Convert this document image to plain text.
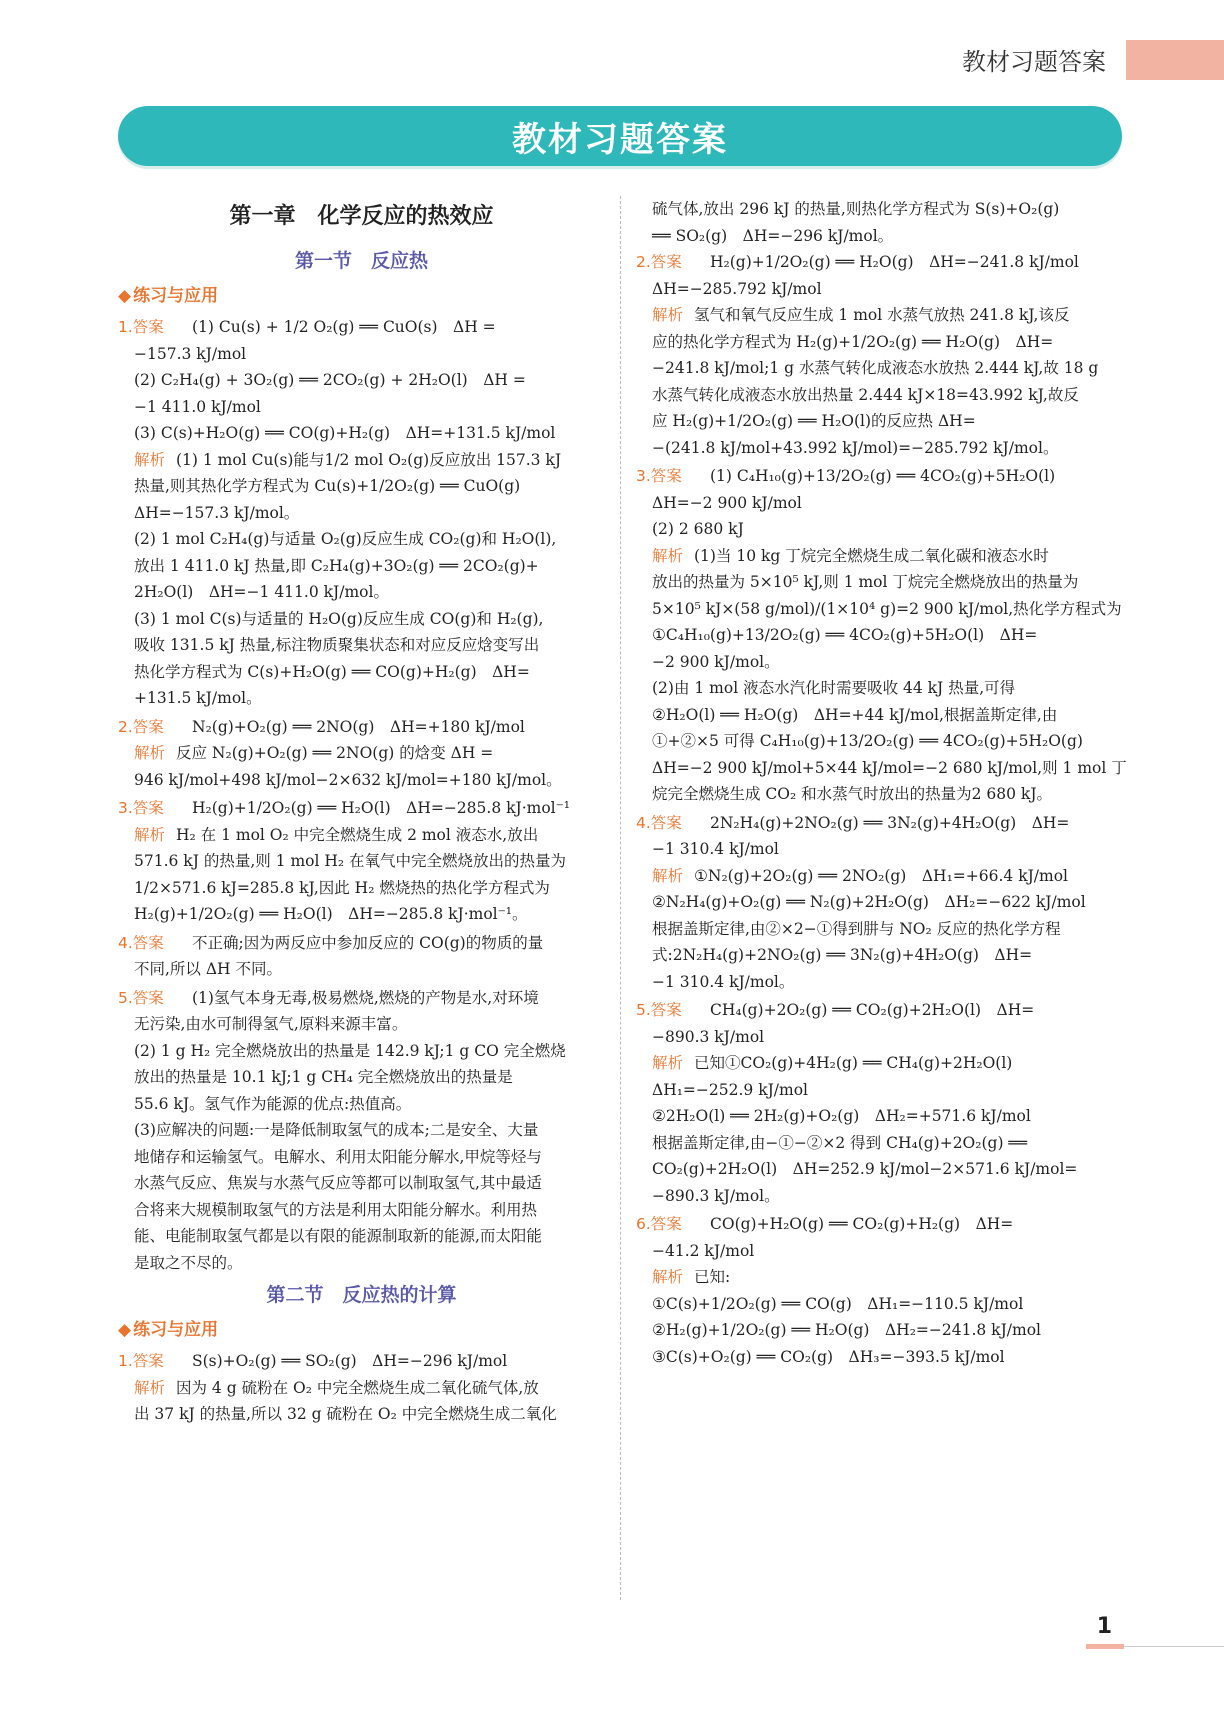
教材习题答案
教材习题答案
第一章　化学反应的热效应
第一节　反应热
◆ 练习与应用
1.答案	(1) Cu(s) + 1/2 O₂(g) ══ CuO(s)　ΔH =
−157.3 kJ/mol
(2) C₂H₄(g) + 3O₂(g) ══ 2CO₂(g) + 2H₂O(l)　ΔH =
−1 411.0 kJ/mol
(3) C(s)+H₂O(g) ══ CO(g)+H₂(g)　ΔH=+131.5 kJ/mol
解析 (1) 1 mol Cu(s)能与1/2 mol O₂(g)反应放出 157.3 kJ
热量,则其热化学方程式为 Cu(s)+1/2O₂(g) ══ CuO(g)
ΔH=−157.3 kJ/mol。
(2) 1 mol C₂H₄(g)与适量 O₂(g)反应生成 CO₂(g)和 H₂O(l),
放出 1 411.0 kJ 热量,即 C₂H₄(g)+3O₂(g) ══ 2CO₂(g)+
2H₂O(l)　ΔH=−1 411.0 kJ/mol。
(3) 1 mol C(s)与适量的 H₂O(g)反应生成 CO(g)和 H₂(g),
吸收 131.5 kJ 热量,标注物质聚集状态和对应反应焓变写出
热化学方程式为 C(s)+H₂O(g) ══ CO(g)+H₂(g)　ΔH=
+131.5 kJ/mol。
2.答案	N₂(g)+O₂(g) ══ 2NO(g)　ΔH=+180 kJ/mol
解析 反应 N₂(g)+O₂(g) ══ 2NO(g) 的焓变 ΔH =
946 kJ/mol+498 kJ/mol−2×632 kJ/mol=+180 kJ/mol。
3.答案	H₂(g)+1/2O₂(g) ══ H₂O(l)　ΔH=−285.8 kJ·mol⁻¹
解析 H₂ 在 1 mol O₂ 中完全燃烧生成 2 mol 液态水,放出
571.6 kJ 的热量,则 1 mol H₂ 在氧气中完全燃烧放出的热量为
1/2×571.6 kJ=285.8 kJ,因此 H₂ 燃烧热的热化学方程式为
H₂(g)+1/2O₂(g) ══ H₂O(l)　ΔH=−285.8 kJ·mol⁻¹。
4.答案	不正确;因为两反应中参加反应的 CO(g)的物质的量
不同,所以 ΔH 不同。
5.答案	(1)氢气本身无毒,极易燃烧,燃烧的产物是水,对环境
无污染,由水可制得氢气,原料来源丰富。
(2) 1 g H₂ 完全燃烧放出的热量是 142.9 kJ;1 g CO 完全燃烧
放出的热量是 10.1 kJ;1 g CH₄ 完全燃烧放出的热量是
55.6 kJ。氢气作为能源的优点:热值高。
(3)应解决的问题:一是降低制取氢气的成本;二是安全、大量
地储存和运输氢气。电解水、利用太阳能分解水,甲烷等烃与
水蒸气反应、焦炭与水蒸气反应等都可以制取氢气,其中最适
合将来大规模制取氢气的方法是利用太阳能分解水。利用热
能、电能制取氢气都是以有限的能源制取新的能源,而太阳能
是取之不尽的。
第二节　反应热的计算
◆ 练习与应用
1.答案	S(s)+O₂(g) ══ SO₂(g)　ΔH=−296 kJ/mol
解析 因为 4 g 硫粉在 O₂ 中完全燃烧生成二氧化硫气体,放
出 37 kJ 的热量,所以 32 g 硫粉在 O₂ 中完全燃烧生成二氧化
硫气体,放出 296 kJ 的热量,则热化学方程式为 S(s)+O₂(g)
══ SO₂(g)　ΔH=−296 kJ/mol。
2.答案	H₂(g)+1/2O₂(g) ══ H₂O(g)　ΔH=−241.8 kJ/mol
ΔH=−285.792 kJ/mol
解析 氢气和氧气反应生成 1 mol 水蒸气放热 241.8 kJ,该反
应的热化学方程式为 H₂(g)+1/2O₂(g) ══ H₂O(g)　ΔH=
−241.8 kJ/mol;1 g 水蒸气转化成液态水放热 2.444 kJ,故 18 g
水蒸气转化成液态水放出热量 2.444 kJ×18=43.992 kJ,故反
应 H₂(g)+1/2O₂(g) ══ H₂O(l)的反应热 ΔH=
−(241.8 kJ/mol+43.992 kJ/mol)=−285.792 kJ/mol。
3.答案	(1) C₄H₁₀(g)+13/2O₂(g) ══ 4CO₂(g)+5H₂O(l)
ΔH=−2 900 kJ/mol
(2) 2 680 kJ
解析 (1)当 10 kg 丁烷完全燃烧生成二氧化碳和液态水时
放出的热量为 5×10⁵ kJ,则 1 mol 丁烷完全燃烧放出的热量为
5×10⁵ kJ×(58 g/mol)/(1×10⁴ g)=2 900 kJ/mol,热化学方程式为
①C₄H₁₀(g)+13/2O₂(g) ══ 4CO₂(g)+5H₂O(l)　ΔH=
−2 900 kJ/mol。
(2)由 1 mol 液态水汽化时需要吸收 44 kJ 热量,可得
②H₂O(l) ══ H₂O(g)　ΔH=+44 kJ/mol,根据盖斯定律,由
①+②×5 可得 C₄H₁₀(g)+13/2O₂(g) ══ 4CO₂(g)+5H₂O(g)
ΔH=−2 900 kJ/mol+5×44 kJ/mol=−2 680 kJ/mol,则 1 mol 丁
烷完全燃烧生成 CO₂ 和水蒸气时放出的热量为2 680 kJ。
4.答案	2N₂H₄(g)+2NO₂(g) ══ 3N₂(g)+4H₂O(g)　ΔH=
−1 310.4 kJ/mol
解析 ①N₂(g)+2O₂(g) ══ 2NO₂(g)　ΔH₁=+66.4 kJ/mol
②N₂H₄(g)+O₂(g) ══ N₂(g)+2H₂O(g)　ΔH₂=−622 kJ/mol
根据盖斯定律,由②×2−①得到肼与 NO₂ 反应的热化学方程
式:2N₂H₄(g)+2NO₂(g) ══ 3N₂(g)+4H₂O(g)　ΔH=
−1 310.4 kJ/mol。
5.答案	CH₄(g)+2O₂(g) ══ CO₂(g)+2H₂O(l)　ΔH=
−890.3 kJ/mol
解析 已知①CO₂(g)+4H₂(g) ══ CH₄(g)+2H₂O(l)
ΔH₁=−252.9 kJ/mol
②2H₂O(l) ══ 2H₂(g)+O₂(g)　ΔH₂=+571.6 kJ/mol
根据盖斯定律,由−①−②×2 得到 CH₄(g)+2O₂(g) ══
CO₂(g)+2H₂O(l)　ΔH=252.9 kJ/mol−2×571.6 kJ/mol=
−890.3 kJ/mol。
6.答案	CO(g)+H₂O(g) ══ CO₂(g)+H₂(g)　ΔH=
−41.2 kJ/mol
解析 已知:
①C(s)+1/2O₂(g) ══ CO(g)　ΔH₁=−110.5 kJ/mol
②H₂(g)+1/2O₂(g) ══ H₂O(g)　ΔH₂=−241.8 kJ/mol
③C(s)+O₂(g) ══ CO₂(g)　ΔH₃=−393.5 kJ/mol
1
